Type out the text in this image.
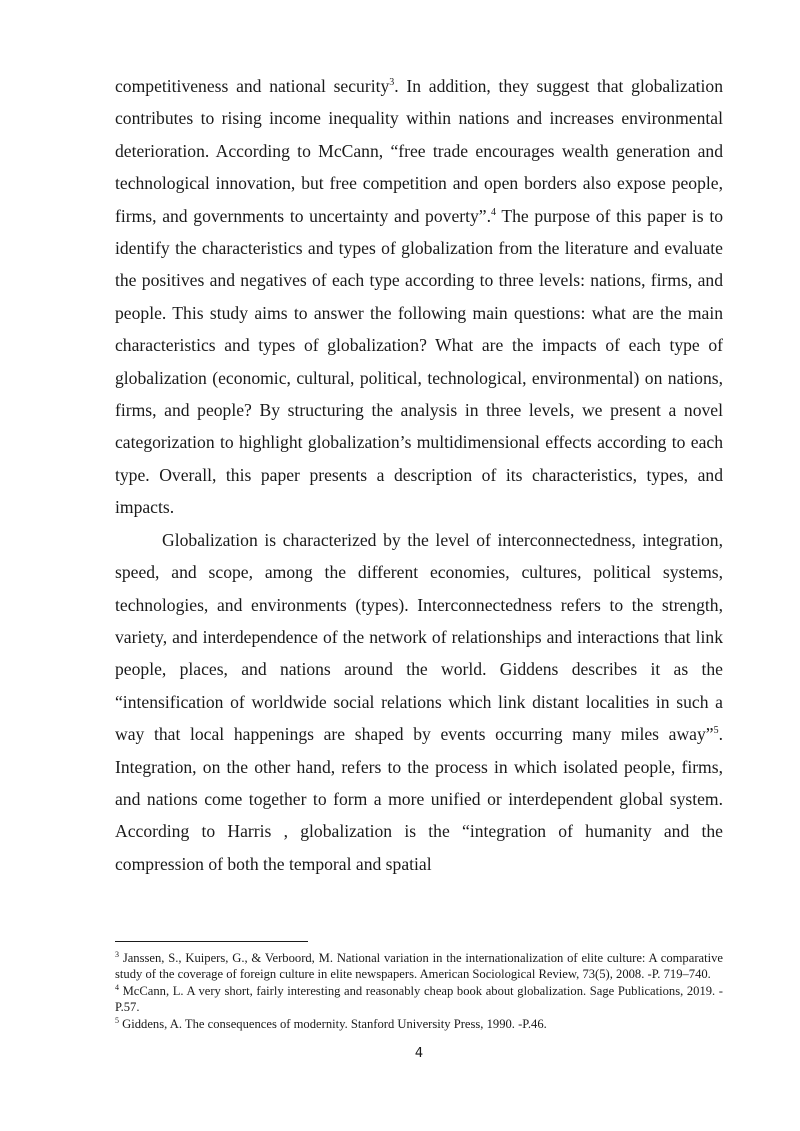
competitiveness and national security$^3$. In addition, they suggest that globalization contributes to rising income inequality within nations and increases environmental deterioration. According to McCann, “free trade encourages wealth generation and technological innovation, but free competition and open borders also expose people, firms, and governments to uncertainty and poverty”.$^4$ The purpose of this paper is to identify the characteristics and types of globalization from the literature and evaluate the positives and negatives of each type according to three levels: nations, firms, and people. This study aims to answer the following main questions: what are the main characteristics and types of globalization? What are the impacts of each type of globalization (economic, cultural, political, technological, environmental) on nations, firms, and people? By structuring the analysis in three levels, we present a novel categorization to highlight globalization’s multidimensional effects according to each type. Overall, this paper presents a description of its characteristics, types, and impacts.

Globalization is characterized by the level of interconnectedness, integration, speed, and scope, among the different economies, cultures, political systems, technologies, and environments (types). Interconnectedness refers to the strength, variety, and interdependence of the network of relationships and interactions that link people, places, and nations around the world. Giddens describes it as the “intensification of worldwide social relations which link distant localities in such a way that local happenings are shaped by events occurring many miles away”$^5$. Integration, on the other hand, refers to the process in which isolated people, firms, and nations come together to form a more unified or interdependent global system. According to Harris , globalization is the “integration of humanity and the compression of both the temporal and spatial

$^3$ Janssen, S., Kuipers, G., & Verboord, M. National variation in the internationalization of elite culture: A comparative study of the coverage of foreign culture in elite newspapers. American Sociological Review, 73(5), 2008. -P. 719–740.

$^4$ McCann, L. A very short, fairly interesting and reasonably cheap book about globalization. Sage Publications, 2019. -P.57.

$^5$ Giddens, A. The consequences of modernity. Stanford University Press, 1990. -P.46.

4
